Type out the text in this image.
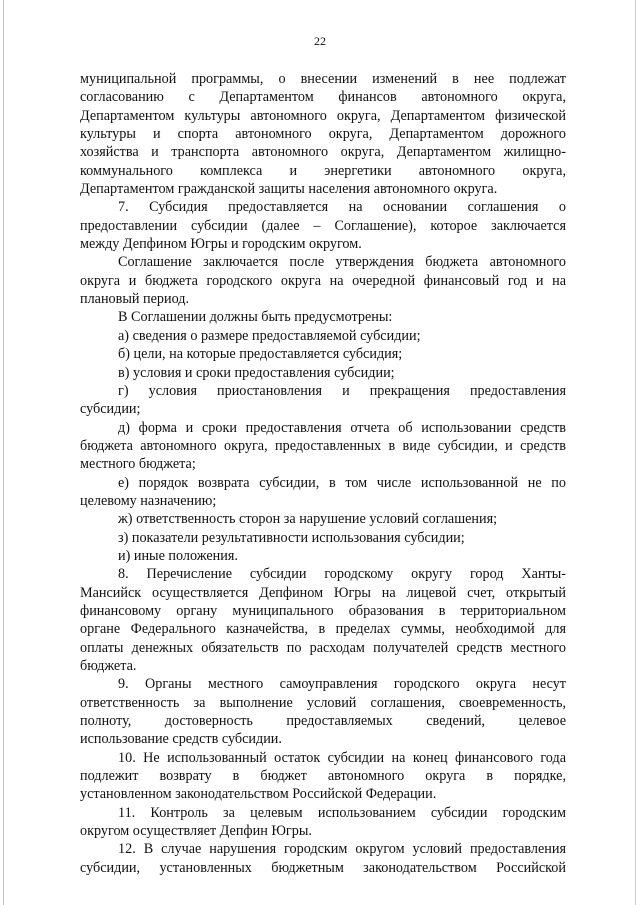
22
муниципальной программы, о внесении изменений в нее подлежат
согласованию с Департаментом финансов автономного округа,
Департаментом культуры автономного округа, Департаментом физической
культуры и спорта автономного округа, Департаментом дорожного
хозяйства и транспорта автономного округа, Департаментом жилищно-
коммунального комплекса и энергетики автономного округа,
Департаментом гражданской защиты населения автономного округа.
7. Субсидия предоставляется на основании соглашения о
предоставлении субсидии (далее – Соглашение), которое заключается
между Депфином Югры и городским округом.
Соглашение заключается после утверждения бюджета автономного
округа и бюджета городского округа на очередной финансовый год и на
плановый период.
В Соглашении должны быть предусмотрены:
а) сведения о размере предоставляемой субсидии;
б) цели, на которые предоставляется субсидия;
в) условия и сроки предоставления субсидии;
г) условия приостановления и прекращения предоставления
субсидии;
д) форма и сроки предоставления отчета об использовании средств
бюджета автономного округа, предоставленных в виде субсидии, и средств
местного бюджета;
е) порядок возврата субсидии, в том числе использованной не по
целевому назначению;
ж) ответственность сторон за нарушение условий соглашения;
з) показатели результативности использования субсидии;
и) иные положения.
8. Перечисление субсидии городскому округу город Ханты-
Мансийск осуществляется Депфином Югры на лицевой счет, открытый
финансовому органу муниципального образования в территориальном
органе Федерального казначейства, в пределах суммы, необходимой для
оплаты денежных обязательств по расходам получателей средств местного
бюджета.
9. Органы местного самоуправления городского округа несут
ответственность за выполнение условий соглашения, своевременность,
полноту, достоверность предоставляемых сведений, целевое
использование средств субсидии.
10. Не использованный остаток субсидии на конец финансового года
подлежит возврату в бюджет автономного округа в порядке,
установленном законодательством Российской Федерации.
11. Контроль за целевым использованием субсидии городским
округом осуществляет Депфин Югры.
12. В случае нарушения городским округом условий предоставления
субсидии, установленных бюджетным законодательством Российской
